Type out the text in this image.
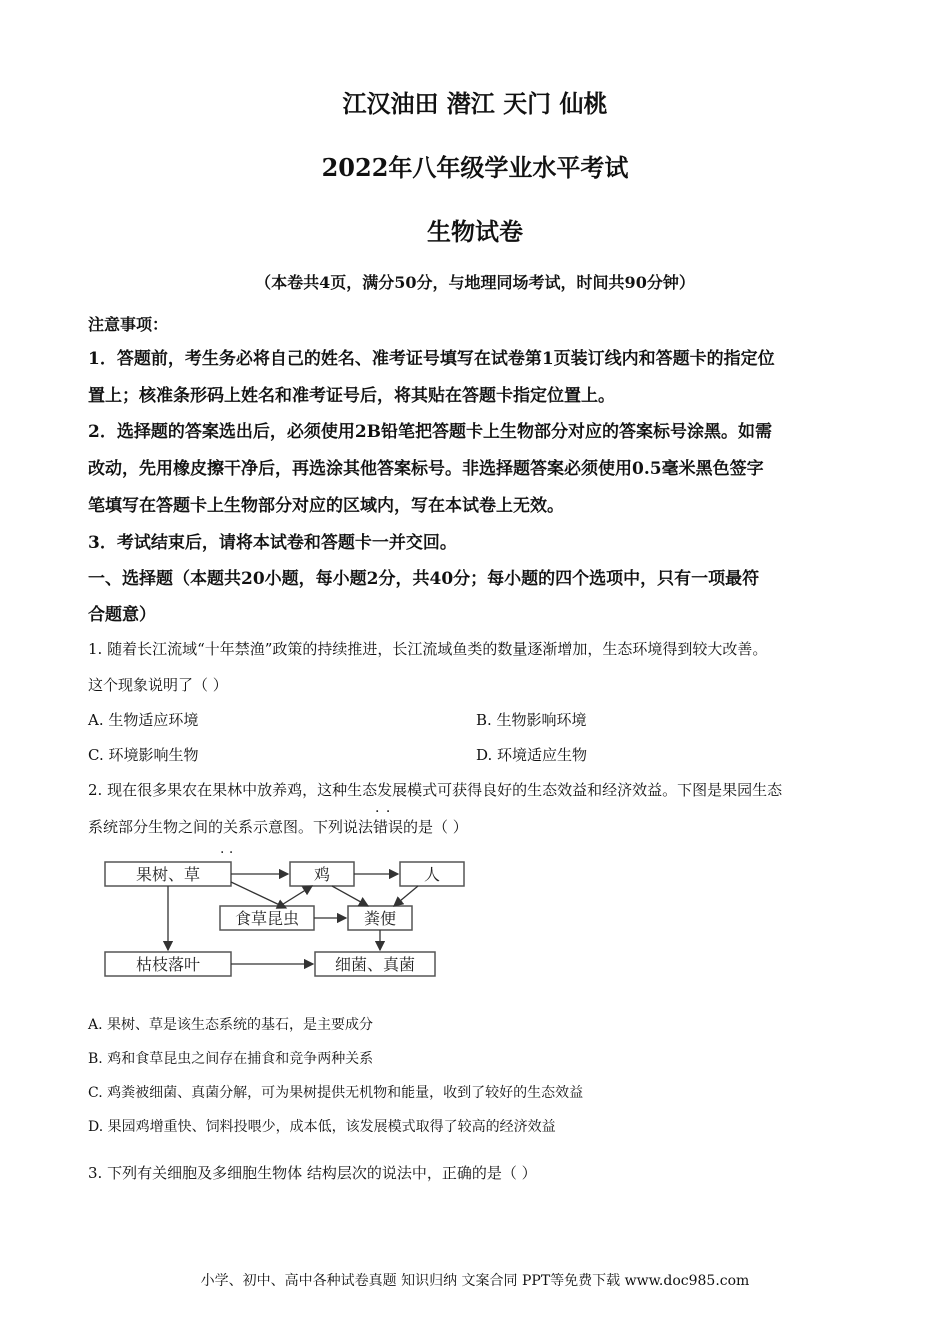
江汉油田 潜江 天门 仙桃
2022年八年级学业水平考试
生物试卷
（本卷共4页，满分50分，与地理同场考试，时间共90分钟）
注意事项：
1．答题前，考生务必将自己的姓名、准考证号填写在试卷第1页装订线内和答题卡的指定位
置上；核准条形码上姓名和准考证号后，将其贴在答题卡指定位置上。
2．选择题的答案选出后，必须使用2B铅笔把答题卡上生物部分对应的答案标号涂黑。如需
改动，先用橡皮擦干净后，再选涂其他答案标号。非选择题答案必须使用0.5毫米黑色签字
笔填写在答题卡上生物部分对应的区域内，写在本试卷上无效。
3．考试结束后，请将本试卷和答题卡一并交回。
一、选择题（本题共20小题，每小题2分，共40分；每小题的四个选项中，只有一项最符
合题意）
1. 随着长江流域“十年禁渔”政策的持续推进，长江流域鱼类的数量逐渐增加，生态环境得到较大改善。
这个现象说明了（ ）
A. 生物适应环境	B. 生物影响环境
C. 环境影响生物	D. 环境适应生物
2. 现在很多果农在果林中放养鸡，这种生态发展模式可获得良好的生态效益和经济效益。下图是果园生态
系统部分生物之间的关系示意图。下列说法· · 错误的是（ ）
· ·
果树、草	鸡	人
食草昆虫	粪便
枯枝落叶	细菌、真菌
A. 果树、草是该生态系统的基石，是主要成分
B. 鸡和食草昆虫之间存在捕食和竞争两种关系
C. 鸡粪被细菌、真菌分解，可为果树提供无机物和能量，收到了较好的生态效益
D. 果园鸡增重快、饲料投喂少，成本低，该发展模式取得了较高的经济效益
3. 下列有关细胞及多细胞生物体 结构层次的说法中，正确的是（ ）
小学、初中、高中各种试卷真题 知识归纳 文案合同 PPT等免费下载 www.doc985.com
